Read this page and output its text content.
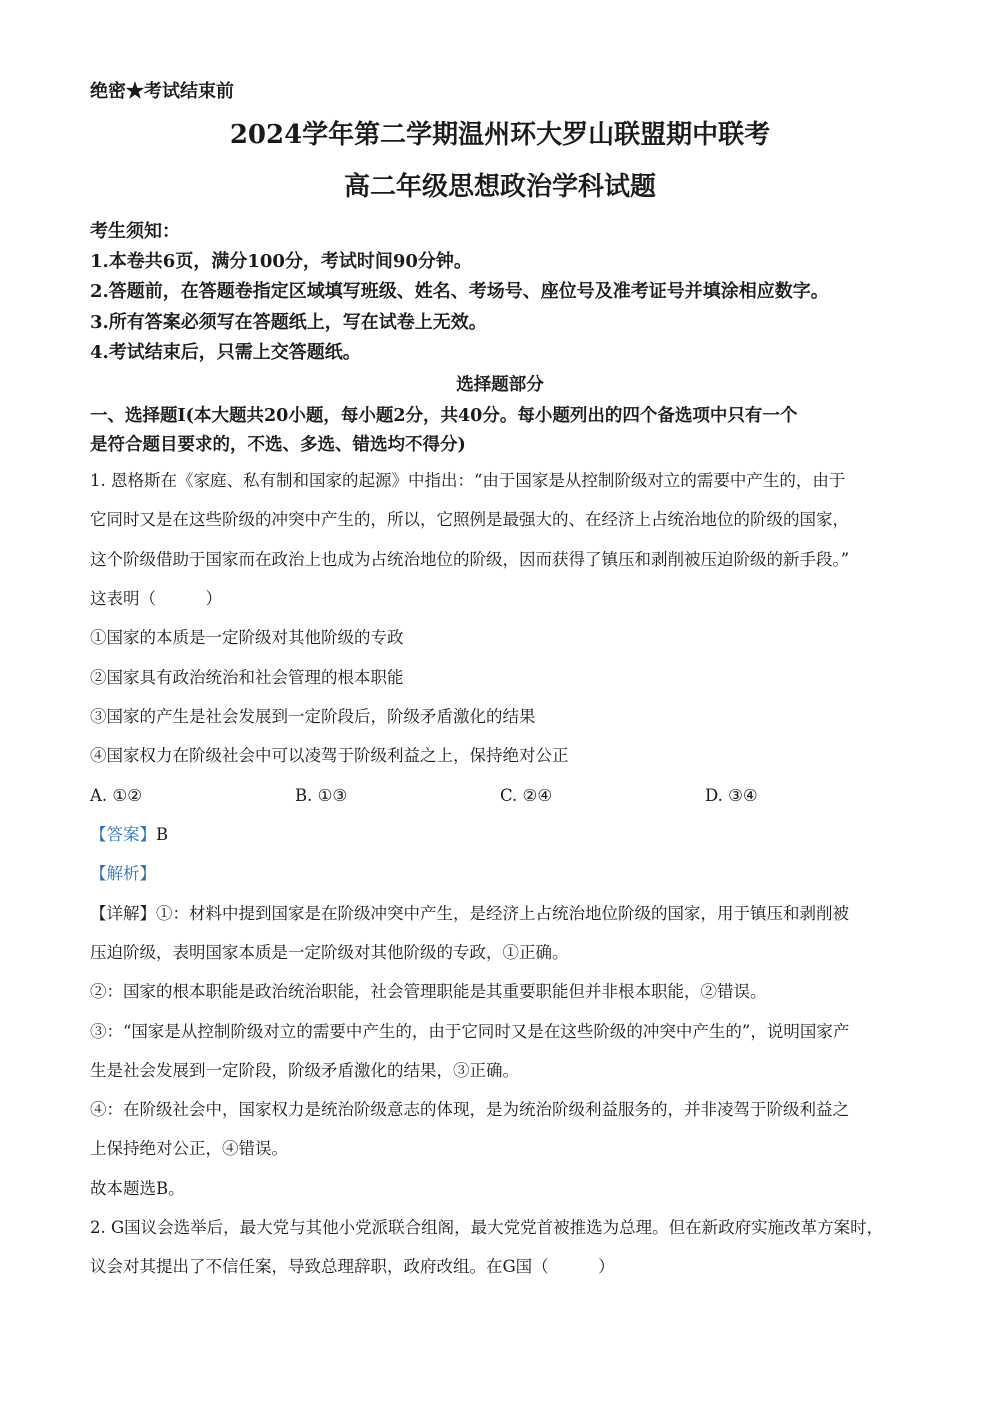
绝密★考试结束前
2024学年第二学期温州环大罗山联盟期中联考
高二年级思想政治学科试题
考生须知：
1.本卷共6页，满分100分，考试时间90分钟。
2.答题前，在答题卷指定区域填写班级、姓名、考场号、座位号及准考证号并填涂相应数字。
3.所有答案必须写在答题纸上，写在试卷上无效。
4.考试结束后，只需上交答题纸。
选择题部分
一、选择题Ⅰ(本大题共20小题，每小题2分，共40分。每小题列出的四个备选项中只有一个
是符合题目要求的，不选、多选、错选均不得分)
1. 恩格斯在《家庭、私有制和国家的起源》中指出：“由于国家是从控制阶级对立的需要中产生的，由于
它同时又是在这些阶级的冲突中产生的，所以，它照例是最强大的、在经济上占统治地位的阶级的国家，
这个阶级借助于国家而在政治上也成为占统治地位的阶级，因而获得了镇压和剥削被压迫阶级的新手段。”
这表明（　　　）
①国家的本质是一定阶级对其他阶级的专政
②国家具有政治统治和社会管理的根本职能
③国家的产生是社会发展到一定阶段后，阶级矛盾激化的结果
④国家权力在阶级社会中可以凌驾于阶级利益之上，保持绝对公正
A. ①②	B. ①③	C. ②④	D. ③④
【答案】B
【解析】
【详解】①：材料中提到国家是在阶级冲突中产生，是经济上占统治地位阶级的国家，用于镇压和剥削被
压迫阶级，表明国家本质是一定阶级对其他阶级的专政，①正确。
②：国家的根本职能是政治统治职能，社会管理职能是其重要职能但并非根本职能，②错误。
③：“国家是从控制阶级对立的需要中产生的，由于它同时又是在这些阶级的冲突中产生的”，说明国家产
生是社会发展到一定阶段，阶级矛盾激化的结果，③正确。
④：在阶级社会中，国家权力是统治阶级意志的体现，是为统治阶级利益服务的，并非凌驾于阶级利益之
上保持绝对公正，④错误。
故本题选B。
2. G国议会选举后，最大党与其他小党派联合组阁，最大党党首被推选为总理。但在新政府实施改革方案时，
议会对其提出了不信任案，导致总理辞职，政府改组。在G国（　　　）
